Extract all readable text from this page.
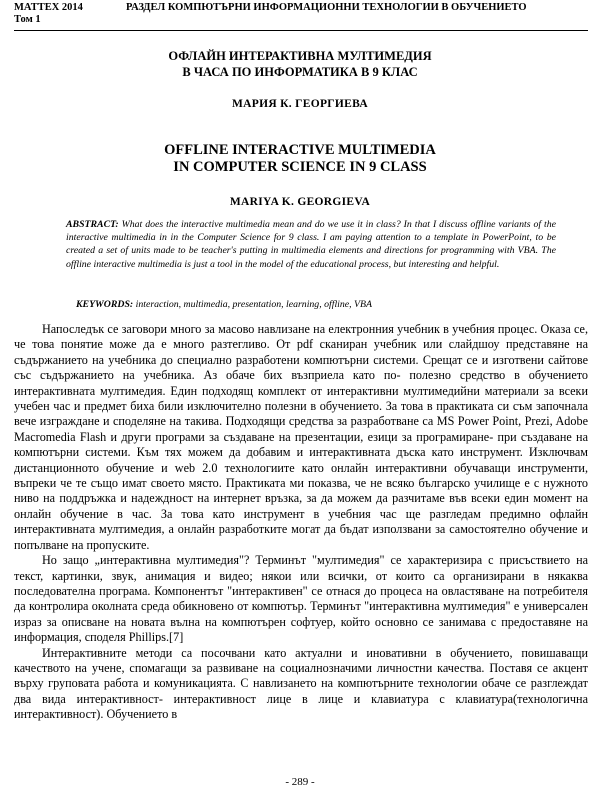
MATTEX 2014
Том 1
РАЗДЕЛ КОМПЮТЪРНИ ИНФОРМАЦИОННИ ТЕХНОЛОГИИ В ОБУЧЕНИЕТО
ОФЛАЙН ИНТЕРАКТИВНА МУЛТИМЕДИЯ
В ЧАСА ПО ИНФОРМАТИКА В 9 КЛАС
МАРИЯ К. ГЕОРГИЕВА
OFFLINE INTERACTIVE MULTIMEDIA
IN COMPUTER SCIENCE IN 9 CLASS
MARIYA K. GEORGIEVA
ABSTRACT: What does the interactive multimedia mean and do we use it in class? In that I discuss offline variants of the interactive multimedia in in the Computer Science for 9 class. I am paying attention to a template in PowerPoint, to be created a set of units made to be teacher's putting in multimedia elements and directions for programming with VBA. The offline interactive multimedia is just a tool in the model of the educational process, but interesting and helpful.
KEYWORDS: interaction, multimedia, presentation, learning, offline, VBA

Напоследък се заговори много за масово навлизане на електронния учебник в учебния процес. Оказа се, че това понятие може да е много разтегливо. От pdf сканиран учебник или слайдшоу представяне на съдържанието на учебника до специално разработени компютърни системи. Срещат се и изготвени сайтове със съдържанието на учебника. Аз обаче бих възприела като по- полезно средство в обучението интерактивната мултимедия. Един подходящ комплект от интерактивни мултимедийни материали за всеки учебен час и предмет биха били изключително полезни в обучението. За това в практиката си съм започнала вече изграждане и споделяне на такива. Подходящи средства за разработване са MS Power Point, Prezi, Adobe Macromedia Flash и други програми за създаване на презентации, езици за програмиране- при създаване на компютърни системи. Към тях можем да добавим и интерактивната дъска като инструмент. Изключвам дистанционното обучение и web 2.0 технологиите като онлайн интерактивни обучаващи инструменти, въпреки че те също имат своето място. Практиката ми показва, че не всяко българско училище е с нужното ниво на поддръжка и надеждност на интернет връзка, за да можем да разчитаме във всеки един момент на онлайн обучение в час. За това като инструмент в учебния час ще разгледам предимно офлайн интерактивната мултимедия, а онлайн разработките могат да бъдат използвани за самостоятелно обучение и попълване на пропуските.

Но защо „интерактивна мултимедия"? Терминът "мултимедия" се характеризира с присъствието на текст, картинки, звук, анимация и видео; някои или всички, от които са организирани в някаква последователна програма. Компонентът "интерактивен" се отнася до процеса на овластяване на потребителя да контролира околната среда обикновено от компютър. Терминът "интерактивна мултимедия" е универсален израз за описване на новата вълна на компютърен софтуер, който основно се занимава с предоставяне на информация, споделя Phillips.[7]

Интерактивните методи са посочвани като актуални и иновативни в обучението, повишаващи качеството на учене, спомагащи за развиване на социалнозначими личностни качества. Поставя се акцент върху груповата работа и комуникацията. С навлизането на компютърните технологии обаче се разглеждат два вида интерактивност- интерактивност лице в лице и клавиатура с клавиатура(технологична интерактивност). Обучението в

- 289 -
